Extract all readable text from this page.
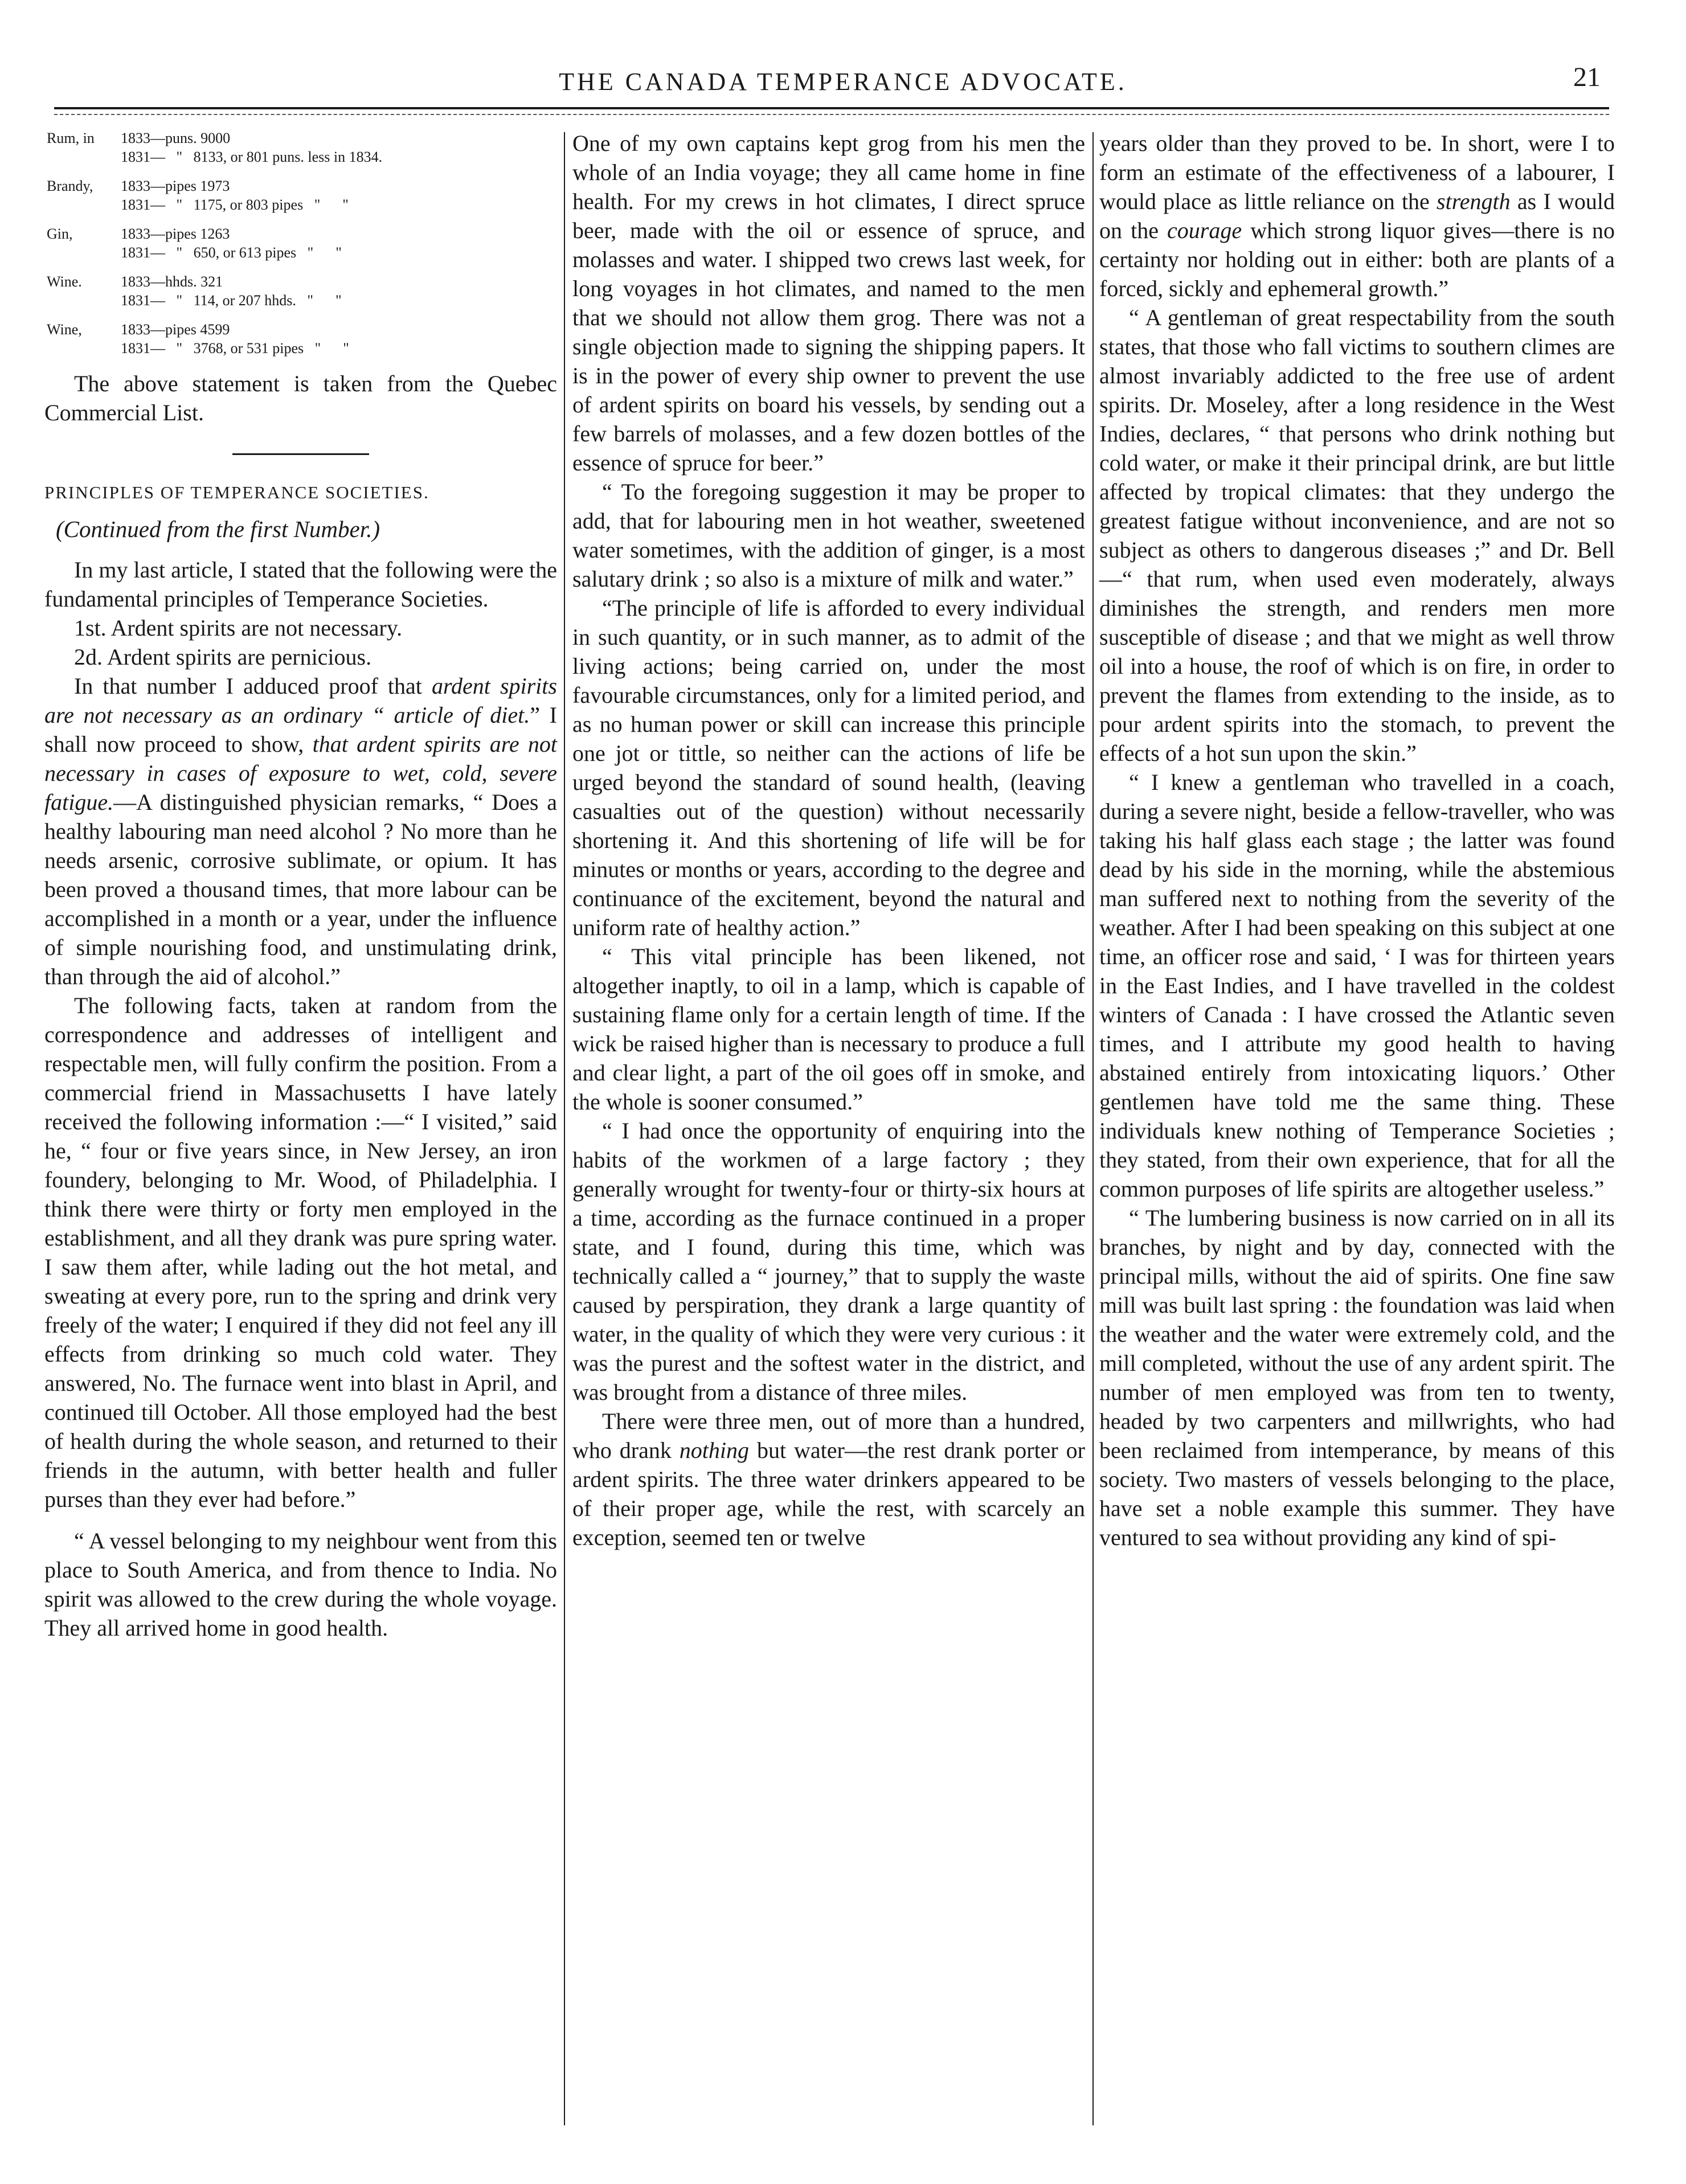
THE CANADA TEMPERANCE ADVOCATE.	21
Rum, in	1833—puns. 9000
1831—   "   8133, or 801 puns. less in 1834.
Brandy,	1833—pipes 1973
1831—   "   1175, or 803 pipes   "      "
Gin,	1833—pipes 1263
1831—   "   650, or 613 pipes   "      "
Wine.	1833—hhds. 321
1831—   "   114, or 207 hhds.   "      "
Wine,	1833—pipes 4599
1831—   "   3768, or 531 pipes   "      "

The above statement is taken from the Quebec Commercial List.

PRINCIPLES OF TEMPERANCE SOCIETIES.
(Continued from the first Number.)

In my last article, I stated that the following were the fundamental principles of Temperance Societies.

1st. Ardent spirits are not necessary.

2d. Ardent spirits are pernicious.

In that number I adduced proof that ardent spirits are not necessary as an ordinary “ article of diet.” I shall now proceed to show, that ardent spirits are not necessary in cases of exposure to wet, cold, severe fatigue.—A distinguished physician remarks, “ Does a healthy labouring man need alcohol ? No more than he needs arsenic, corrosive sublimate, or opium. It has been proved a thousand times, that more labour can be accomplished in a month or a year, under the influence of simple nourishing food, and unstimulating drink, than through the aid of alcohol.”

The following facts, taken at random from the correspondence and addresses of intelligent and respectable men, will fully confirm the position. From a commercial friend in Massachusetts I have lately received the following information :—“ I visited,” said he, “ four or five years since, in New Jersey, an iron foundery, belonging to Mr. Wood, of Philadelphia. I think there were thirty or forty men employed in the establishment, and all they drank was pure spring water. I saw them after, while lading out the hot metal, and sweating at every pore, run to the spring and drink very freely of the water; I enquired if they did not feel any ill effects from drinking so much cold water. They answered, No. The furnace went into blast in April, and continued till October. All those employed had the best of health during the whole season, and returned to their friends in the autumn, with better health and fuller purses than they ever had before.”

“ A vessel belonging to my neighbour went from this place to South America, and from thence to India. No spirit was allowed to the crew during the whole voyage. They all arrived home in good health.

One of my own captains kept grog from his men the whole of an India voyage; they all came home in fine health. For my crews in hot climates, I direct spruce beer, made with the oil or essence of spruce, and molasses and water. I shipped two crews last week, for long voyages in hot climates, and named to the men that we should not allow them grog. There was not a single objection made to signing the shipping papers. It is in the power of every ship owner to prevent the use of ardent spirits on board his vessels, by sending out a few barrels of molasses, and a few dozen bottles of the essence of spruce for beer.”

“ To the foregoing suggestion it may be proper to add, that for labouring men in hot weather, sweetened water sometimes, with the addition of ginger, is a most salutary drink ; so also is a mixture of milk and water.”

“The principle of life is afforded to every individual in such quantity, or in such manner, as to admit of the living actions; being carried on, under the most favourable circumstances, only for a limited period, and as no human power or skill can increase this principle one jot or tittle, so neither can the actions of life be urged beyond the standard of sound health, (leaving casualties out of the question) without necessarily shortening it. And this shortening of life will be for minutes or months or years, according to the degree and continuance of the excitement, beyond the natural and uniform rate of healthy action.”

“ This vital principle has been likened, not altogether inaptly, to oil in a lamp, which is capable of sustaining flame only for a certain length of time. If the wick be raised higher than is necessary to produce a full and clear light, a part of the oil goes off in smoke, and the whole is sooner consumed.”

“ I had once the opportunity of enquiring into the habits of the workmen of a large factory ; they generally wrought for twenty-four or thirty-six hours at a time, according as the furnace continued in a proper state, and I found, during this time, which was technically called a “ journey,” that to supply the waste caused by perspiration, they drank a large quantity of water, in the quality of which they were very curious : it was the purest and the softest water in the district, and was brought from a distance of three miles.

There were three men, out of more than a hundred, who drank nothing but water—the rest drank porter or ardent spirits. The three water drinkers appeared to be of their proper age, while the rest, with scarcely an exception, seemed ten or twelve

years older than they proved to be. In short, were I to form an estimate of the effectiveness of a labourer, I would place as little reliance on the strength as I would on the courage which strong liquor gives—there is no certainty nor holding out in either: both are plants of a forced, sickly and ephemeral growth.”

“ A gentleman of great respectability from the south states, that those who fall victims to southern climes are almost invariably addicted to the free use of ardent spirits. Dr. Moseley, after a long residence in the West Indies, declares, “ that persons who drink nothing but cold water, or make it their principal drink, are but little affected by tropical climates: that they undergo the greatest fatigue without inconvenience, and are not so subject as others to dangerous diseases ;” and Dr. Bell—“ that rum, when used even moderately, always diminishes the strength, and renders men more susceptible of disease ; and that we might as well throw oil into a house, the roof of which is on fire, in order to prevent the flames from extending to the inside, as to pour ardent spirits into the stomach, to prevent the effects of a hot sun upon the skin.”

“ I knew a gentleman who travelled in a coach, during a severe night, beside a fellow-traveller, who was taking his half glass each stage ; the latter was found dead by his side in the morning, while the abstemious man suffered next to nothing from the severity of the weather. After I had been speaking on this subject at one time, an officer rose and said, ‘ I was for thirteen years in the East Indies, and I have travelled in the coldest winters of Canada : I have crossed the Atlantic seven times, and I attribute my good health to having abstained entirely from intoxicating liquors.’ Other gentlemen have told me the same thing. These individuals knew nothing of Temperance Societies ; they stated, from their own experience, that for all the common purposes of life spirits are altogether useless.”

“ The lumbering business is now carried on in all its branches, by night and by day, connected with the principal mills, without the aid of spirits. One fine saw mill was built last spring : the foundation was laid when the weather and the water were extremely cold, and the mill completed, without the use of any ardent spirit. The number of men employed was from ten to twenty, headed by two carpenters and millwrights, who had been reclaimed from intemperance, by means of this society. Two masters of vessels belonging to the place, have set a noble example this summer. They have ventured to sea without providing any kind of spi-
